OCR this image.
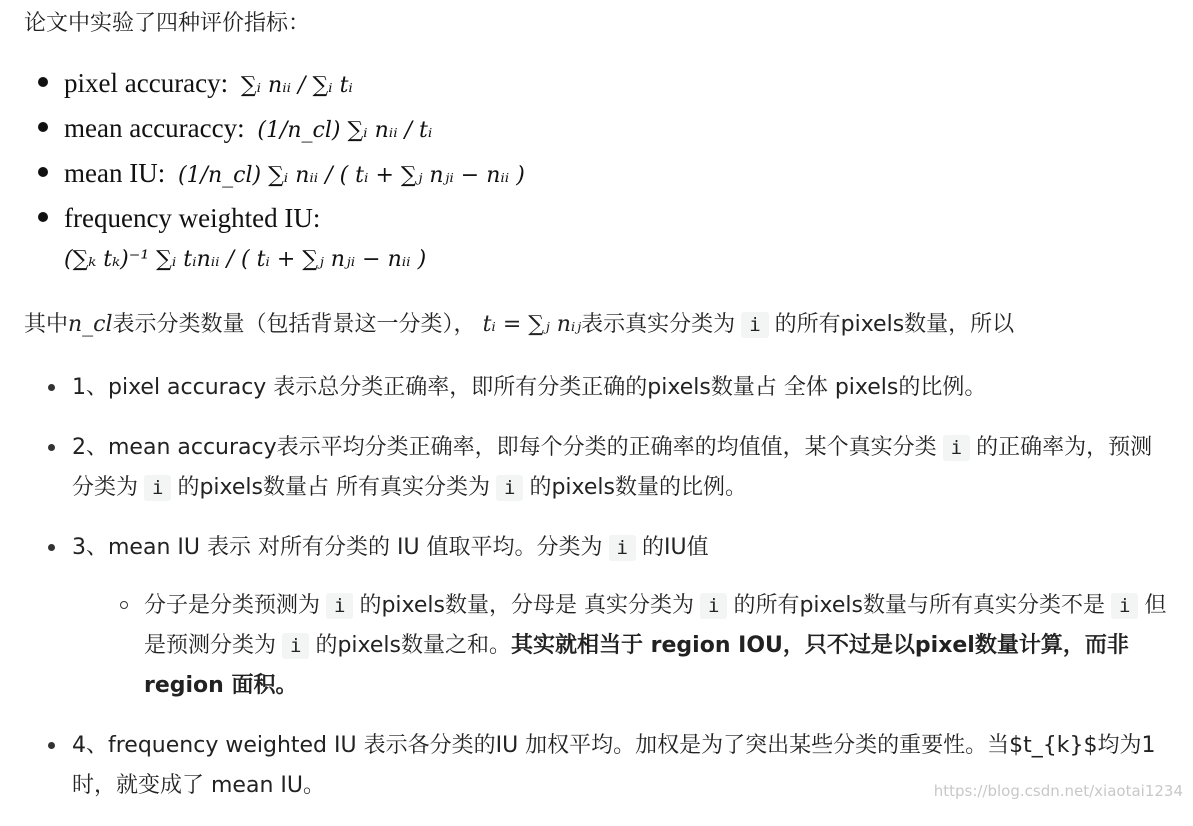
论文中实验了四种评价指标：
pixel accuracy: ∑ᵢ nᵢᵢ / ∑ᵢ tᵢ
mean accuraccy: (1/n_cl) ∑ᵢ nᵢᵢ / tᵢ
mean IU: (1/n_cl) ∑ᵢ nᵢᵢ / ( tᵢ + ∑ⱼ nⱼᵢ − nᵢᵢ )
frequency weighted IU:
(∑ₖ tₖ)⁻¹ ∑ᵢ tᵢnᵢᵢ / ( tᵢ + ∑ⱼ nⱼᵢ − nᵢᵢ )
其中n_cl表示分类数量（包括背景这一分类）， tᵢ = ∑ⱼ nᵢⱼ表示真实分类为 i 的所有pixels数量，所以
1、pixel accuracy 表示总分类正确率，即所有分类正确的pixels数量占 全体 pixels的比例。
2、mean accuracy表示平均分类正确率，即每个分类的正确率的均值值，某个真实分类 i 的正确率为，预测分类为 i 的pixels数量占 所有真实分类为 i 的pixels数量的比例。
3、mean IU 表示 对所有分类的 IU 值取平均。分类为 i 的IU值
分子是分类预测为 i 的pixels数量，分母是 真实分类为 i 的所有pixels数量与所有真实分类不是 i 但是预测分类为 i 的pixels数量之和。其实就相当于 region IOU，只不过是以pixel数量计算，而非region 面积。
4、frequency weighted IU 表示各分类的IU 加权平均。加权是为了突出某些分类的重要性。当$t_{k}$均为1 时，就变成了 mean IU。	https://blog.csdn.net/xiaotai1234
